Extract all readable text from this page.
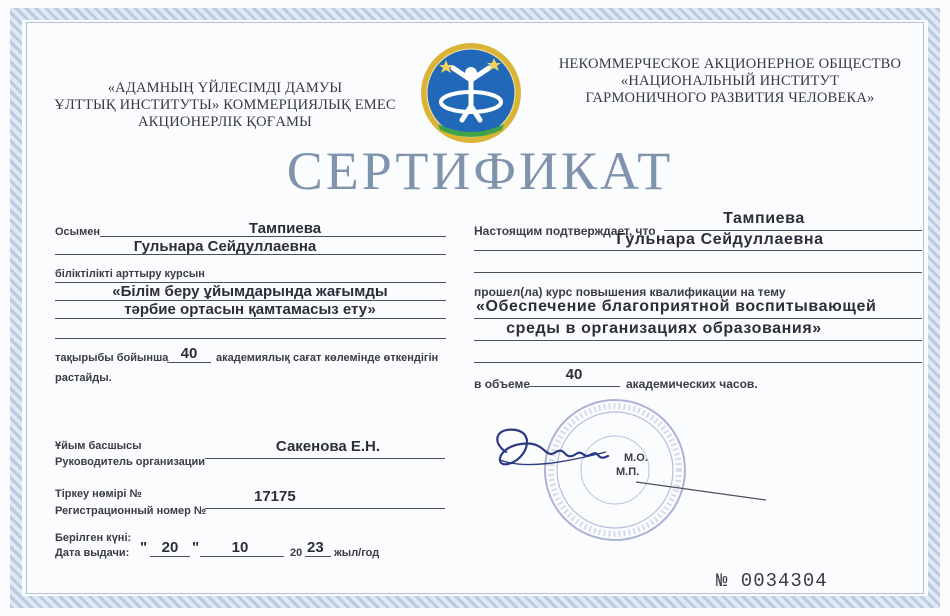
«АДАМНЫҢ ҮЙЛЕСІМДІ ДАМУЫ
ҰЛТТЫҚ ИНСТИТУТЫ» КОММЕРЦИЯЛЫҚ ЕМЕС
АКЦИОНЕРЛІК ҚОҒАМЫ
НЕКОММЕРЧЕСКОЕ АКЦИОНЕРНОЕ ОБЩЕСТВО
«НАЦИОНАЛЬНЫЙ ИНСТИТУТ
ГАРМОНИЧНОГО РАЗВИТИЯ ЧЕЛОВЕКА»
СЕРТИФИКАТ
Осымен	Тампиева
Гульнара Сейдуллаевна
біліктілікті арттыру курсын
«Білім беру ұйымдарында жағымды
тәрбие ортасын қамтамасыз ету»
тақырыбы бойынша 40	академиялық сағат көлемінде өткендігін
растайды.
Настоящим подтверждает, что
Тампиева
Гульнара Сейдуллаевна
прошел(ла) курс повышения квалификации на тему
«Обеспечение благоприятной воспитывающей
среды в организациях образования»
в объеме
40
академических часов.
Ұйым басшысы
Руководитель организации
Сакенова Е.Н.
Тіркеу нөмірі №
Регистрационный номер №
17175
Берілген күні:
Дата выдачи: " 20 "	10	20 23 жыл/год
М.О.
М.П.
№ 0034304
